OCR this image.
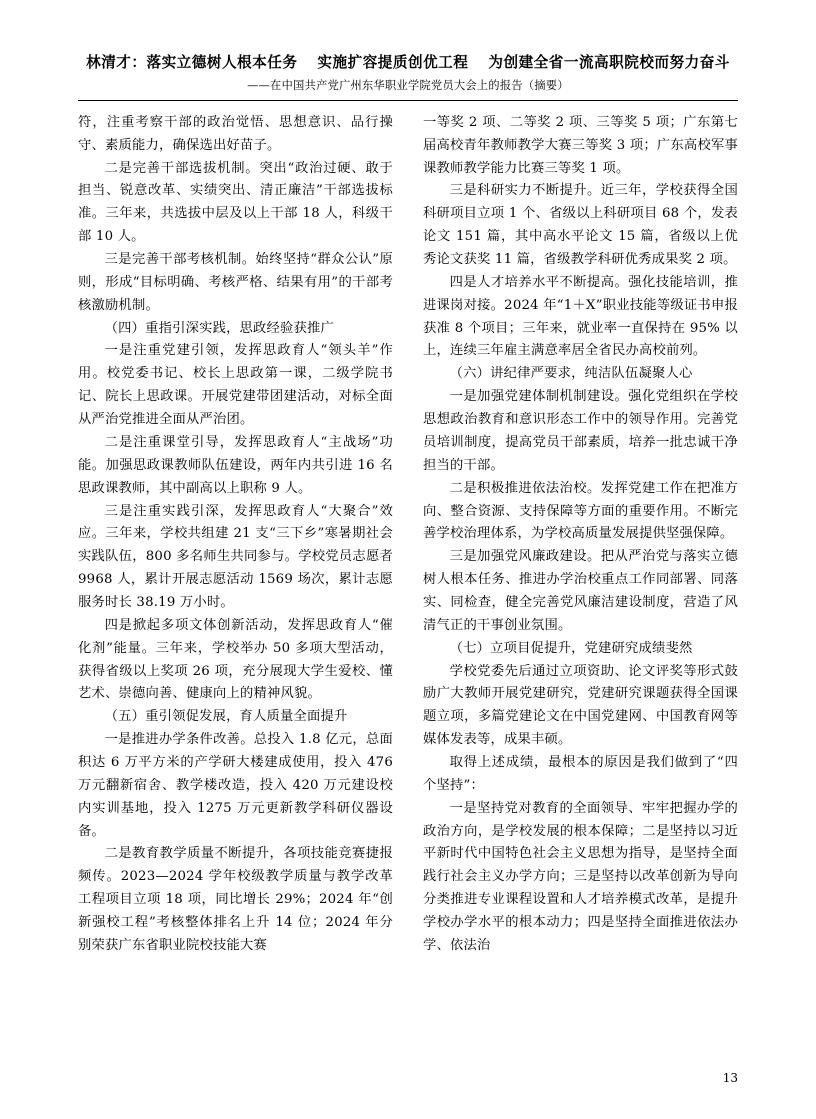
林清才：落实立德树人根本任务 实施扩容提质创优工程 为创建全省一流高职院校而努力奋斗
——在中国共产党广州东华职业学院党员大会上的报告（摘要）

符，注重考察干部的政治觉悟、思想意识、品行操守、素质能力，确保选出好苗子。

二是完善干部选拔机制。突出“政治过硬、敢于担当、锐意改革、实绩突出、清正廉洁”干部选拔标准。三年来，共选拔中层及以上干部 18 人，科级干部 10 人。

三是完善干部考核机制。始终坚持“群众公认”原则，形成“目标明确、考核严格、结果有用”的干部考核激励机制。

（四）重指引深实践，思政经验获推广

一是注重党建引领，发挥思政育人“领头羊”作用。校党委书记、校长上思政第一课，二级学院书记、院长上思政课。开展党建带团建活动，对标全面从严治党推进全面从严治团。

二是注重课堂引导，发挥思政育人“主战场”功能。加强思政课教师队伍建设，两年内共引进 16 名思政课教师，其中副高以上职称 9 人。

三是注重实践引深，发挥思政育人“大聚合”效应。三年来，学校共组建 21 支“三下乡”寒暑期社会实践队伍，800 多名师生共同参与。学校党员志愿者 9968 人，累计开展志愿活动 1569 场次，累计志愿服务时长 38.19 万小时。

四是掀起多项文体创新活动，发挥思政育人“催化剂”能量。三年来，学校举办 50 多项大型活动，获得省级以上奖项 26 项，充分展现大学生爱校、懂艺术、崇德向善、健康向上的精神风貌。

（五）重引领促发展，育人质量全面提升

一是推进办学条件改善。总投入 1.8 亿元，总面积达 6 万平方米的产学研大楼建成使用，投入 476 万元翻新宿舍、教学楼改造，投入 420 万元建设校内实训基地，投入 1275 万元更新教学科研仪器设备。

二是教育教学质量不断提升，各项技能竞赛捷报频传。2023—2024 学年校级教学质量与教学改革工程项目立项 18 项，同比增长 29%；2024 年“创新强校工程”考核整体排名上升 14 位；2024 年分别荣获广东省职业院校技能大赛

一等奖 2 项、二等奖 2 项、三等奖 5 项；广东第七届高校青年教师教学大赛三等奖 3 项；广东高校军事课教师教学能力比赛三等奖 1 项。

三是科研实力不断提升。近三年，学校获得全国科研项目立项 1 个、省级以上科研项目 68 个，发表论文 151 篇，其中高水平论文 15 篇，省级以上优秀论文获奖 11 篇，省级教学科研优秀成果奖 2 项。

四是人才培养水平不断提高。强化技能培训，推进课岗对接。2024 年“1＋X”职业技能等级证书申报获准 8 个项目；三年来，就业率一直保持在 95% 以上，连续三年雇主满意率居全省民办高校前列。

（六）讲纪律严要求，纯洁队伍凝聚人心

一是加强党建体制机制建设。强化党组织在学校思想政治教育和意识形态工作中的领导作用。完善党员培训制度，提高党员干部素质，培养一批忠诚干净担当的干部。

二是积极推进依法治校。发挥党建工作在把准方向、整合资源、支持保障等方面的重要作用。不断完善学校治理体系，为学校高质量发展提供坚强保障。

三是加强党风廉政建设。把从严治党与落实立德树人根本任务、推进办学治校重点工作同部署、同落实、同检查，健全完善党风廉洁建设制度，营造了风清气正的干事创业氛围。

（七）立项目促提升，党建研究成绩斐然

学校党委先后通过立项资助、论文评奖等形式鼓励广大教师开展党建研究，党建研究课题获得全国课题立项，多篇党建论文在中国党建网、中国教育网等媒体发表等，成果丰硕。

取得上述成绩，最根本的原因是我们做到了“四个坚持”：

一是坚持党对教育的全面领导、牢牢把握办学的政治方向，是学校发展的根本保障；二是坚持以习近平新时代中国特色社会主义思想为指导，是坚持全面践行社会主义办学方向；三是坚持以改革创新为导向分类推进专业课程设置和人才培养模式改革，是提升学校办学水平的根本动力；四是坚持全面推进依法办学、依法治

13
